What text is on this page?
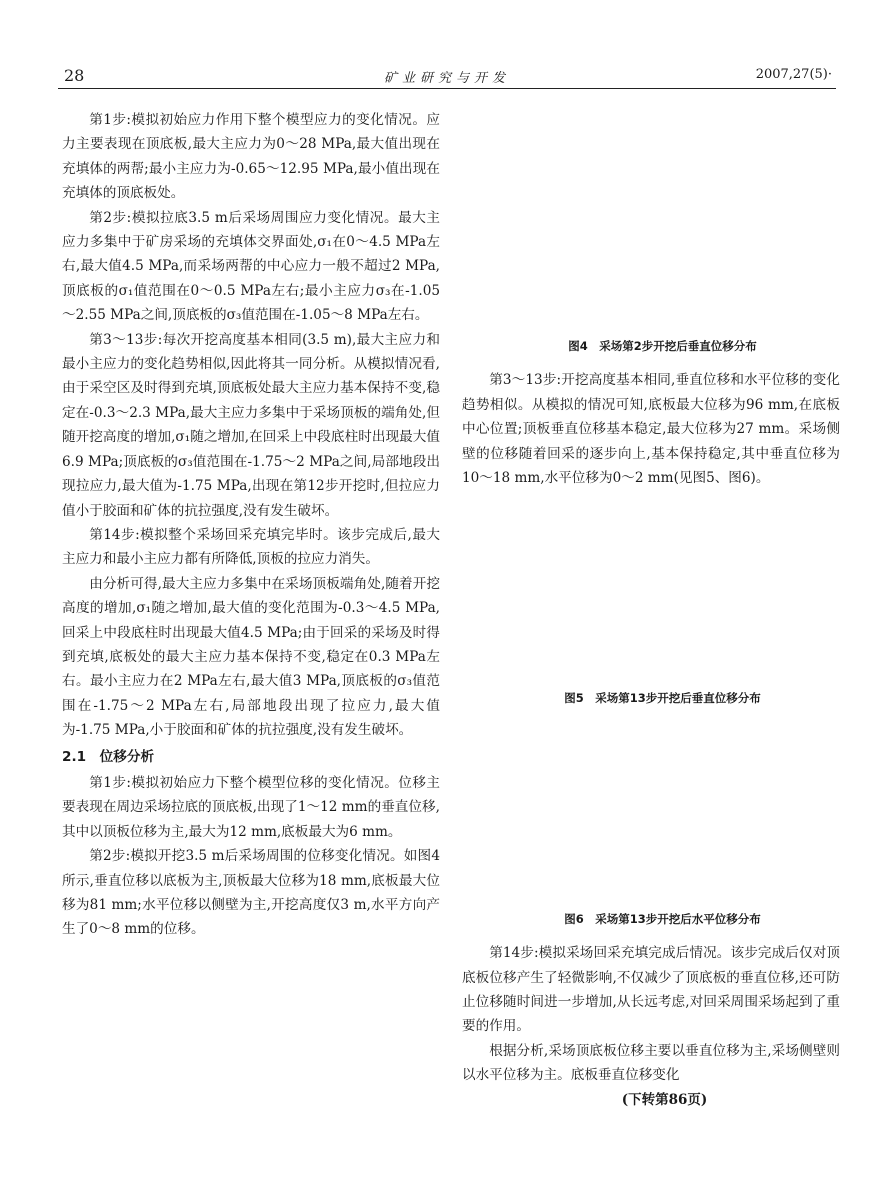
28	矿业研究与开发	2007,27(5)·

第1步:模拟初始应力作用下整个模型应力的变化情况。应力主要表现在顶底板,最大主应力为0～28 MPa,最大值出现在充填体的两帮;最小主应力为-0.65～12.95 MPa,最小值出现在充填体的顶底板处。

第2步:模拟拉底3.5 m后采场周围应力变化情况。最大主应力多集中于矿房采场的充填体交界面处,σ₁在0～4.5 MPa左右,最大值4.5 MPa,而采场两帮的中心应力一般不超过2 MPa,顶底板的σ₁值范围在0～0.5 MPa左右;最小主应力σ₃在-1.05～2.55 MPa之间,顶底板的σ₃值范围在-1.05～8 MPa左右。

第3～13步:每次开挖高度基本相同(3.5 m),最大主应力和最小主应力的变化趋势相似,因此将其一同分析。从模拟情况看,由于采空区及时得到充填,顶底板处最大主应力基本保持不变,稳定在-0.3～2.3 MPa,最大主应力多集中于采场顶板的端角处,但随开挖高度的增加,σ₁随之增加,在回采上中段底柱时出现最大值6.9 MPa;顶底板的σ₃值范围在-1.75～2 MPa之间,局部地段出现拉应力,最大值为-1.75 MPa,出现在第12步开挖时,但拉应力值小于胶面和矿体的抗拉强度,没有发生破坏。

第14步:模拟整个采场回采充填完毕时。该步完成后,最大主应力和最小主应力都有所降低,顶板的拉应力消失。

由分析可得,最大主应力多集中在采场顶板端角处,随着开挖高度的增加,σ₁随之增加,最大值的变化范围为-0.3～4.5 MPa,回采上中段底柱时出现最大值4.5 MPa;由于回采的采场及时得到充填,底板处的最大主应力基本保持不变,稳定在0.3 MPa左右。最小主应力在2 MPa左右,最大值3 MPa,顶底板的σ₃值范围在-1.75～2 MPa左右,局部地段出现了拉应力,最大值为-1.75 MPa,小于胶面和矿体的抗拉强度,没有发生破坏。

2.1　位移分析

第1步:模拟初始应力下整个模型位移的变化情况。位移主要表现在周边采场拉底的顶底板,出现了1～12 mm的垂直位移,其中以顶板位移为主,最大为12 mm,底板最大为6 mm。

第2步:模拟开挖3.5 m后采场周围的位移变化情况。如图4所示,垂直位移以底板为主,顶板最大位移为18 mm,底板最大位移为81 mm;水平位移以侧壁为主,开挖高度仅3 m,水平方向产生了0～8 mm的位移。

图4　采场第2步开挖后垂直位移分布

第3～13步:开挖高度基本相同,垂直位移和水平位移的变化趋势相似。从模拟的情况可知,底板最大位移为96 mm,在底板中心位置;顶板垂直位移基本稳定,最大位移为27 mm。采场侧壁的位移随着回采的逐步向上,基本保持稳定,其中垂直位移为10～18 mm,水平位移为0～2 mm(见图5、图6)。

图5　采场第13步开挖后垂直位移分布

图6　采场第13步开挖后水平位移分布

第14步:模拟采场回采充填完成后情况。该步完成后仅对顶底板位移产生了轻微影响,不仅减少了顶底板的垂直位移,还可防止位移随时间进一步增加,从长远考虑,对回采周围采场起到了重要的作用。

根据分析,采场顶底板位移主要以垂直位移为主,采场侧壁则以水平位移为主。底板垂直位移变化

(下转第86页)
